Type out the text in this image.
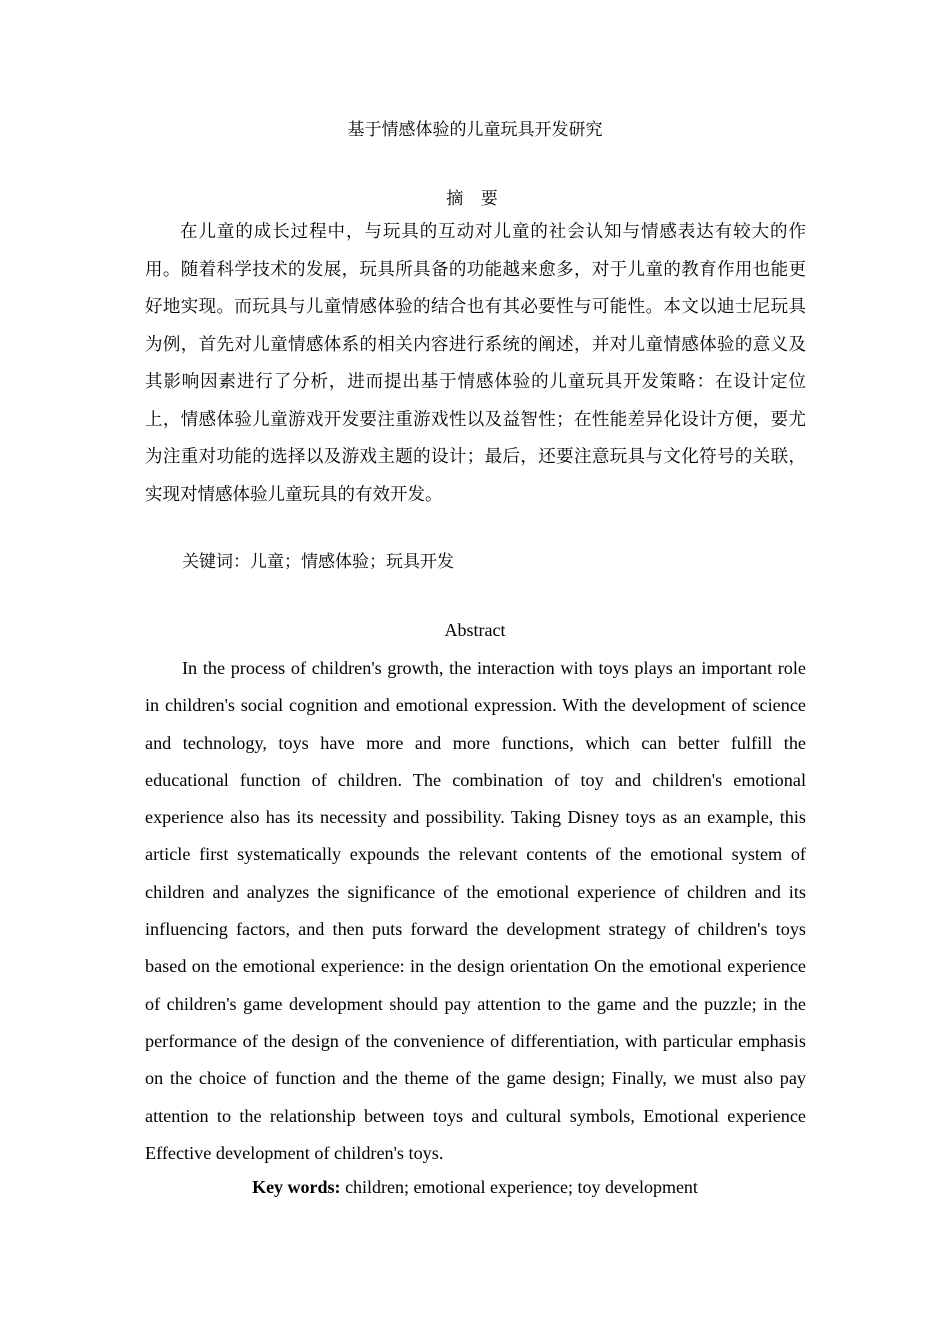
基于情感体验的儿童玩具开发研究
摘 要

在儿童的成长过程中，与玩具的互动对儿童的社会认知与情感表达有较大的作用。随着科学技术的发展，玩具所具备的功能越来愈多，对于儿童的教育作用也能更好地实现。而玩具与儿童情感体验的结合也有其必要性与可能性。本文以迪士尼玩具为例，首先对儿童情感体系的相关内容进行系统的阐述，并对儿童情感体验的意义及其影响因素进行了分析，进而提出基于情感体验的儿童玩具开发策略：在设计定位上，情感体验儿童游戏开发要注重游戏性以及益智性；在性能差异化设计方便，要尤为注重对功能的选择以及游戏主题的设计；最后，还要注意玩具与文化符号的关联，实现对情感体验儿童玩具的有效开发。

关键词：儿童；情感体验；玩具开发
Abstract

In the process of children's growth, the interaction with toys plays an important role in children's social cognition and emotional expression. With the development of science and technology, toys have more and more functions, which can better fulfill the educational function of children. The combination of toy and children's emotional experience also has its necessity and possibility. Taking Disney toys as an example, this article first systematically expounds the relevant contents of the emotional system of children and analyzes the significance of the emotional experience of children and its influencing factors, and then puts forward the development strategy of children's toys based on the emotional experience: in the design orientation On the emotional experience of children's game development should pay attention to the game and the puzzle; in the performance of the design of the convenience of differentiation, with particular emphasis on the choice of function and the theme of the game design; Finally, we must also pay attention to the relationship between toys and cultural symbols, Emotional experience Effective development of children's toys.

Key words: children; emotional experience; toy development
